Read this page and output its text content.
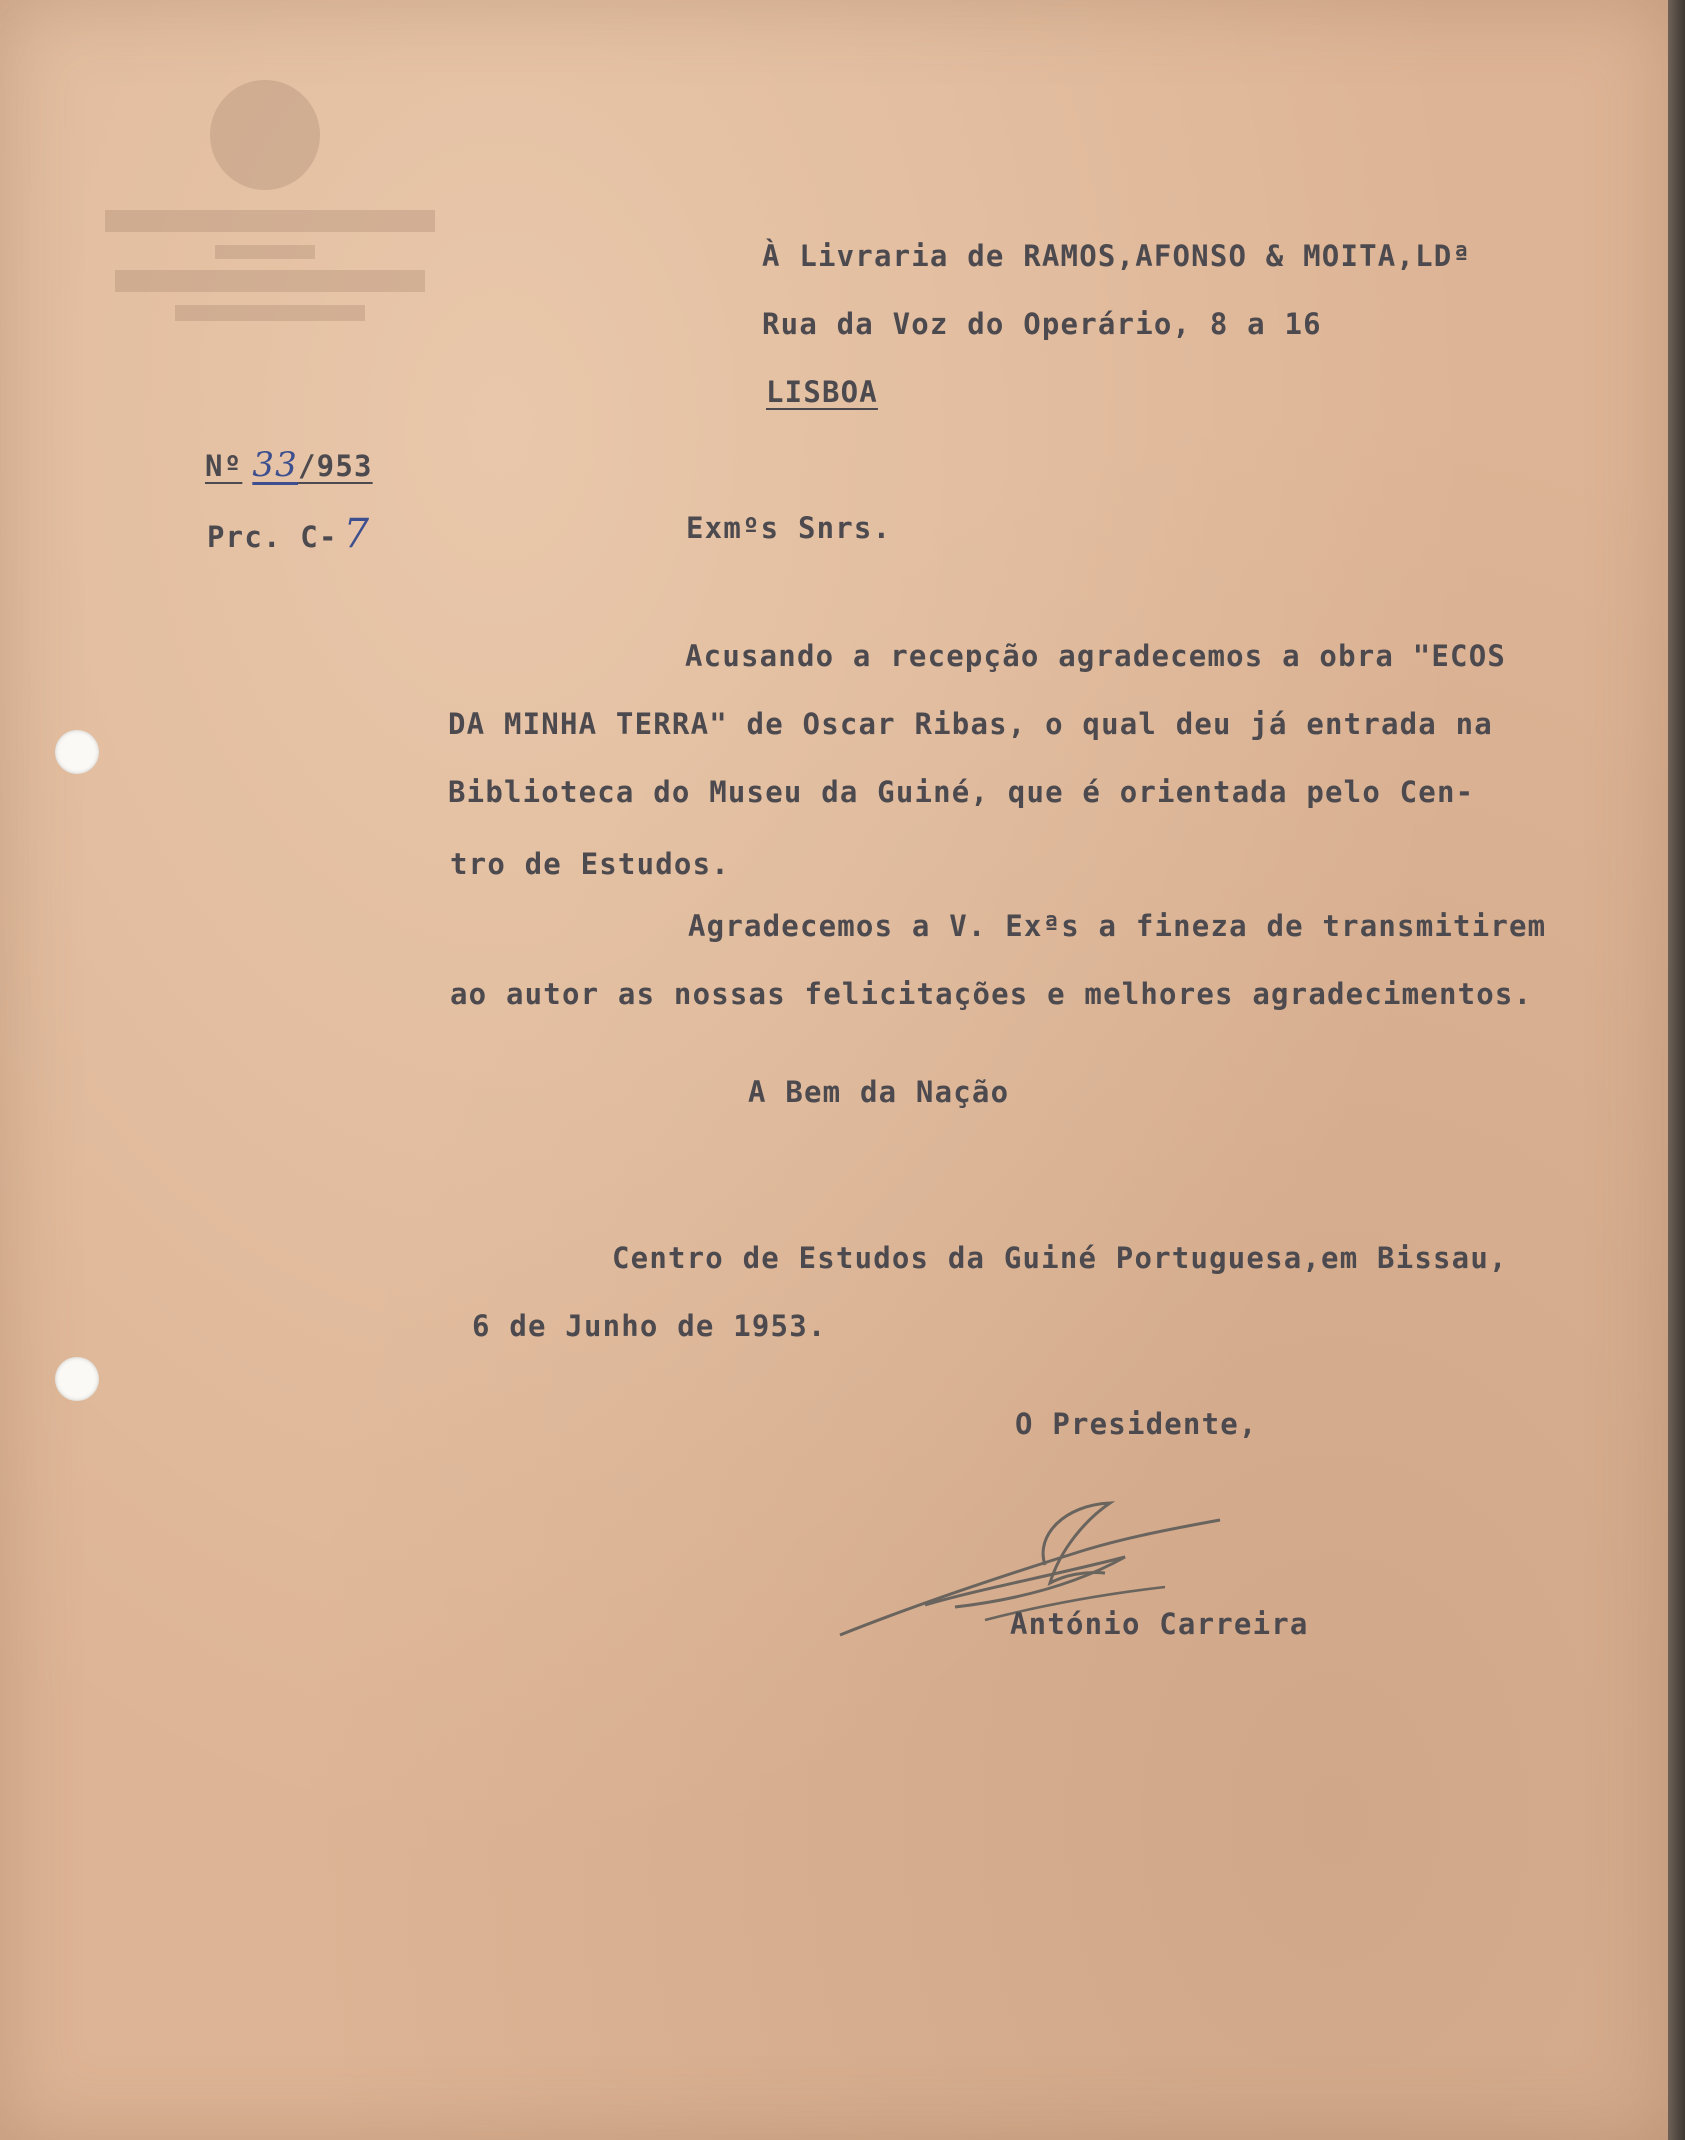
À Livraria de RAMOS,AFONSO & MOITA,LDª
Rua da Voz do Operário, 8 a 16
LISBOA
Nº 33/953
Prc. C- 7	Exmºs Snrs.
Acusando a recepção agradecemos a obra "ECOS
DA MINHA TERRA" de Oscar Ribas, o qual deu já entrada na
Biblioteca do Museu da Guiné, que é orientada pelo Cen-
tro de Estudos.
Agradecemos a V. Exªs a fineza de transmitirem
ao autor as nossas felicitações e melhores agradecimentos.
A Bem da Nação
Centro de Estudos da Guiné Portuguesa,em Bissau,
6 de Junho de 1953.
O Presidente,
António Carreira
